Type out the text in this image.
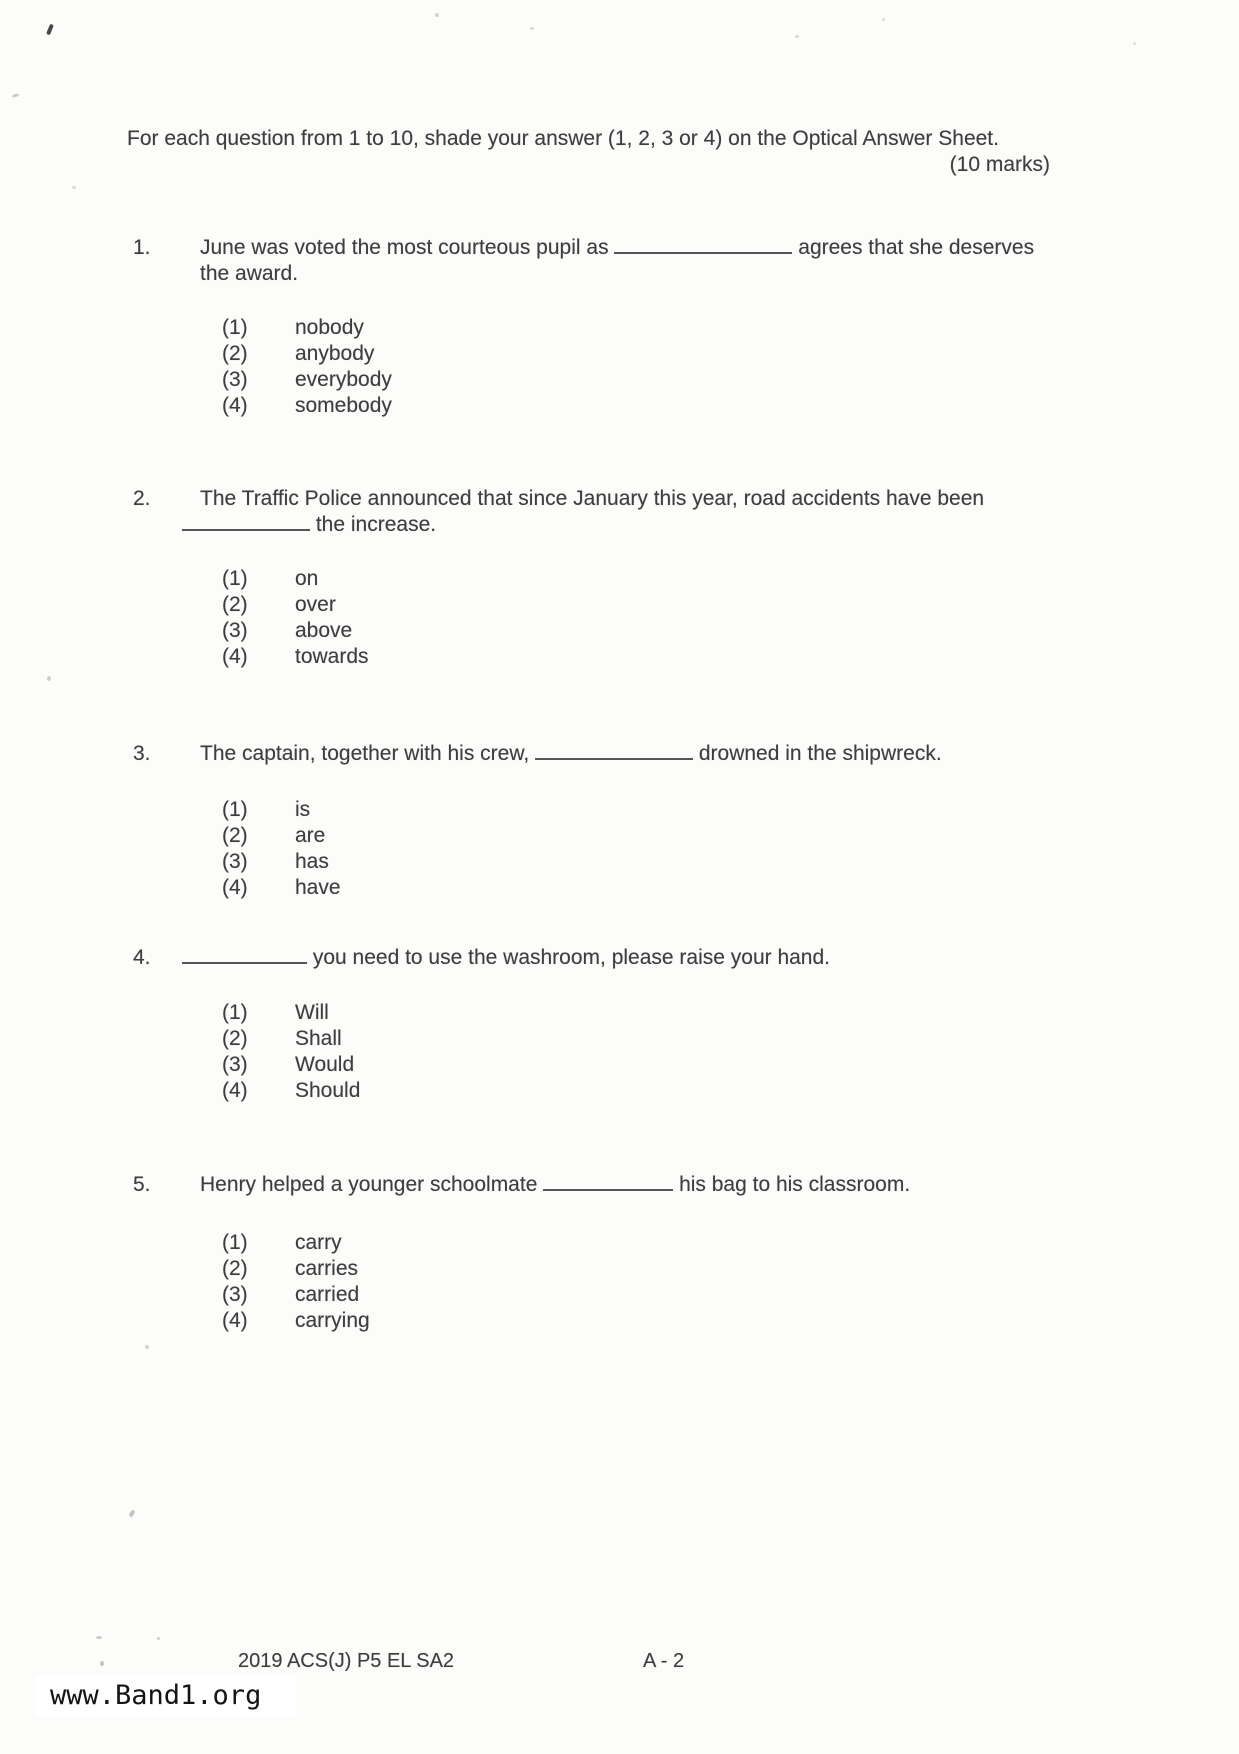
For each question from 1 to 10, shade your answer (1, 2, 3 or 4) on the Optical Answer Sheet.
(10 marks)
1. June was voted the most courteous pupil as	agrees that she deserves
the award.
(1)	nobody
(2)	anybody
(3)	everybody
(4)	somebody
2. The Traffic Police announced that since January this year, road accidents have been
the increase.
(1)	on
(2)	over
(3)	above
(4)	towards
3. The captain, together with his crew,	drowned in the shipwreck.
(1)	is
(2)	are
(3)	has
(4)	have
4.	you need to use the washroom, please raise your hand.
(1)	Will
(2)	Shall
(3)	Would
(4)	Should
5. Henry helped a younger schoolmate	his bag to his classroom.
(1)	carry
(2)	carries
(3)	carried
(4)	carrying
2019 ACS(J) P5 EL SA2	A - 2
www.Band1.org
